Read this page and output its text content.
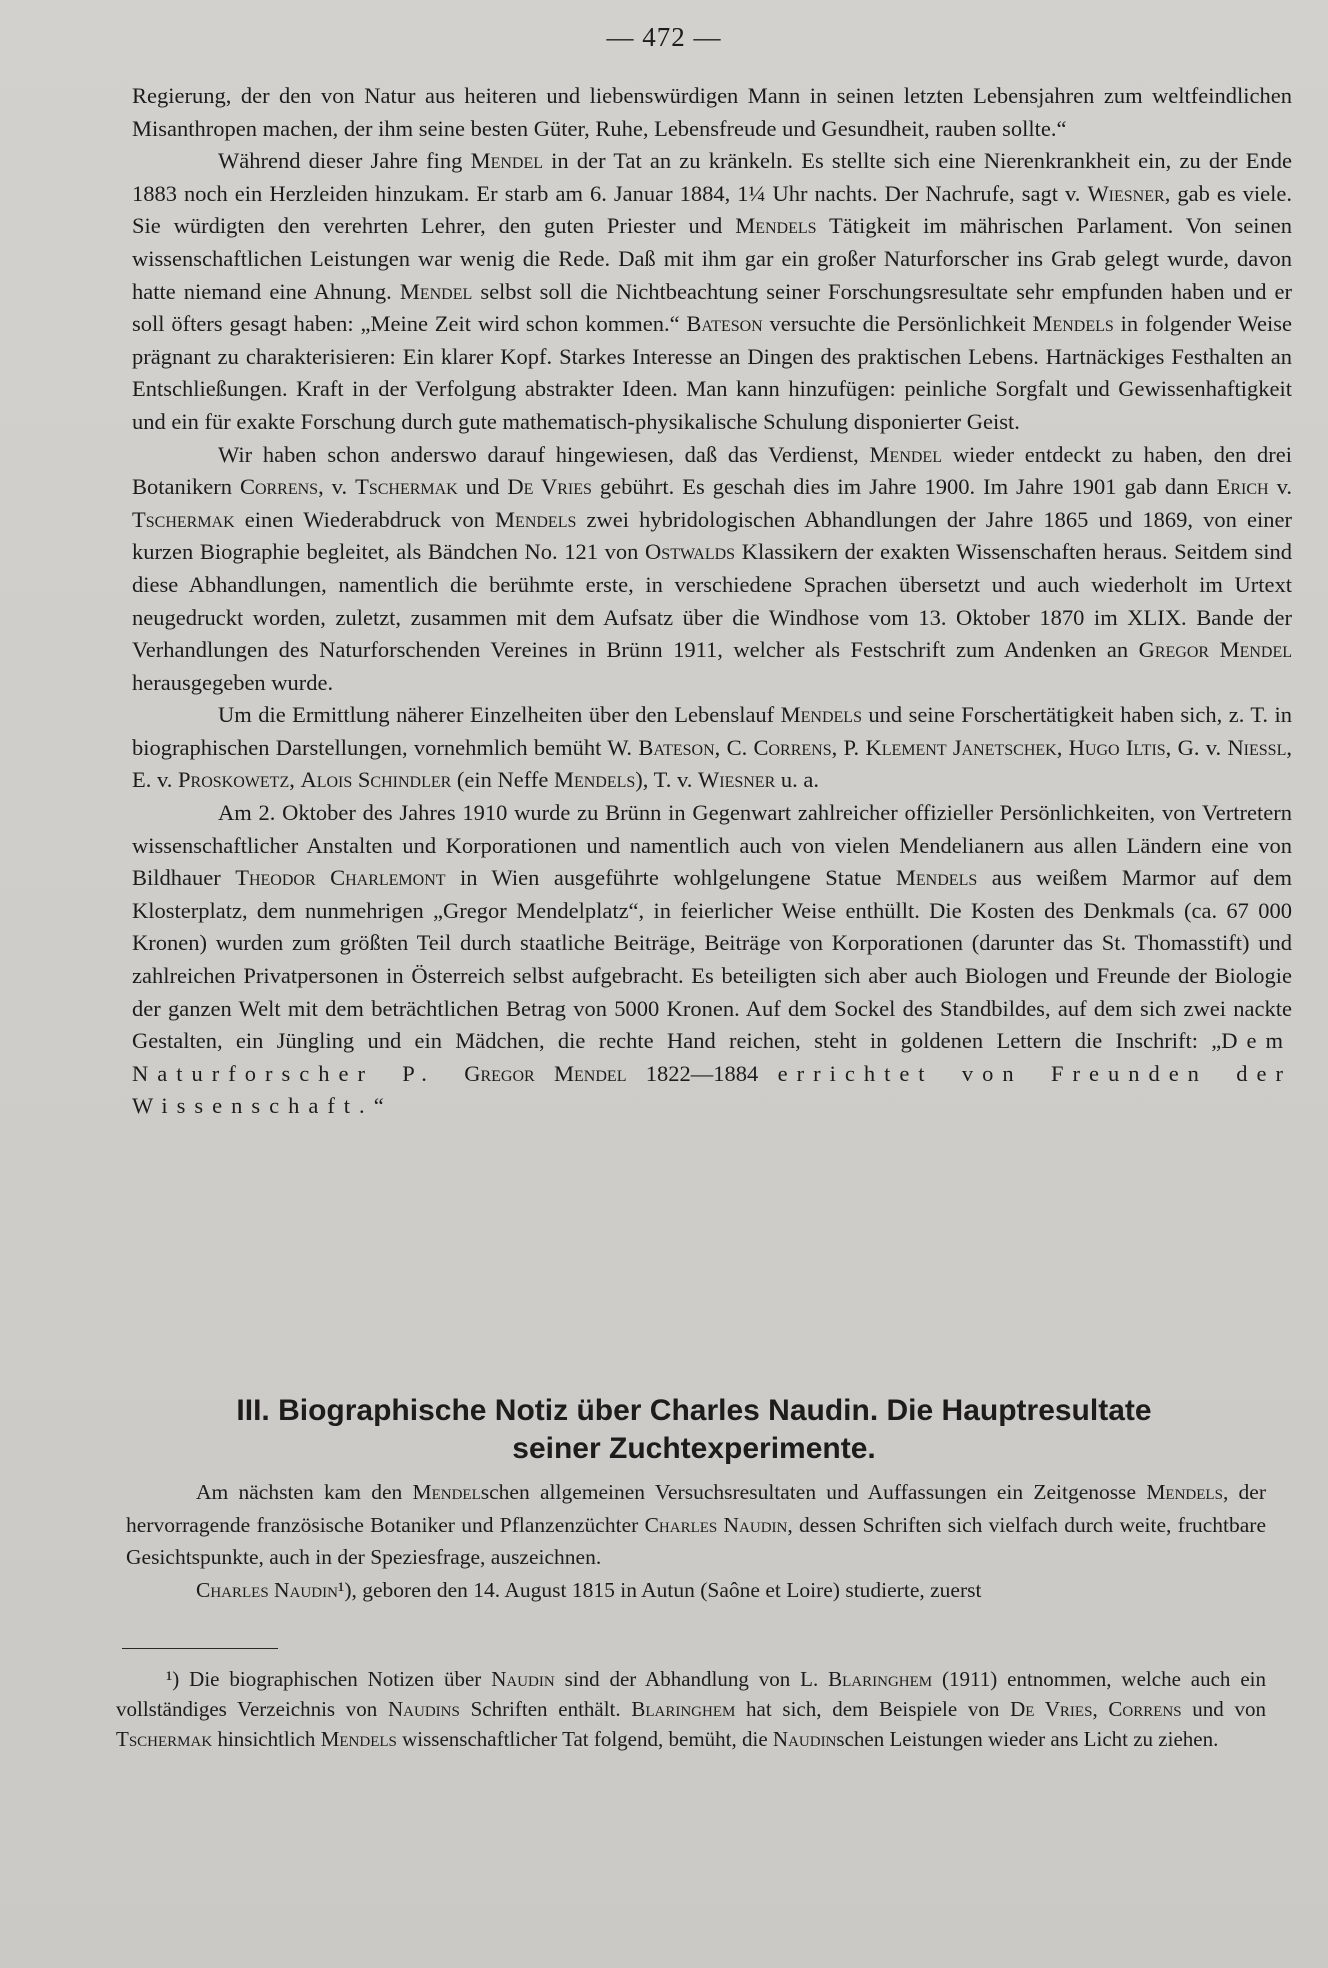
— 472 —

Regierung, der den von Natur aus heiteren und liebenswürdigen Mann in seinen letzten Lebensjahren zum weltfeindlichen Misanthropen machen, der ihm seine besten Güter, Ruhe, Lebensfreude und Gesundheit, rauben sollte.“

Während dieser Jahre fing Mendel in der Tat an zu kränkeln. Es stellte sich eine Nierenkrankheit ein, zu der Ende 1883 noch ein Herzleiden hinzukam. Er starb am 6. Januar 1884, 1¼ Uhr nachts. Der Nachrufe, sagt v. Wiesner, gab es viele. Sie würdigten den verehrten Lehrer, den guten Priester und Mendels Tätigkeit im mährischen Parlament. Von seinen wissenschaftlichen Leistungen war wenig die Rede. Daß mit ihm gar ein großer Naturforscher ins Grab gelegt wurde, davon hatte niemand eine Ahnung. Mendel selbst soll die Nichtbeachtung seiner Forschungsresultate sehr empfunden haben und er soll öfters gesagt haben: „Meine Zeit wird schon kommen.“ Bateson versuchte die Persönlichkeit Mendels in folgender Weise prägnant zu charakterisieren: Ein klarer Kopf. Starkes Interesse an Dingen des praktischen Lebens. Hartnäckiges Festhalten an Entschließungen. Kraft in der Verfolgung abstrakter Ideen. Man kann hinzufügen: peinliche Sorgfalt und Gewissenhaftigkeit und ein für exakte Forschung durch gute mathematisch-physikalische Schulung disponierter Geist.

Wir haben schon anderswo darauf hingewiesen, daß das Verdienst, Mendel wieder entdeckt zu haben, den drei Botanikern Correns, v. Tschermak und De Vries gebührt. Es geschah dies im Jahre 1900. Im Jahre 1901 gab dann Erich v. Tschermak einen Wiederabdruck von Mendels zwei hybridologischen Abhandlungen der Jahre 1865 und 1869, von einer kurzen Biographie begleitet, als Bändchen No. 121 von Ostwalds Klassikern der exakten Wissenschaften heraus. Seitdem sind diese Abhandlungen, namentlich die berühmte erste, in verschiedene Sprachen übersetzt und auch wiederholt im Urtext neugedruckt worden, zuletzt, zusammen mit dem Aufsatz über die Windhose vom 13. Oktober 1870 im XLIX. Bande der Verhandlungen des Naturforschenden Vereines in Brünn 1911, welcher als Festschrift zum Andenken an Gregor Mendel herausgegeben wurde.

Um die Ermittlung näherer Einzelheiten über den Lebenslauf Mendels und seine Forschertätigkeit haben sich, z. T. in biographischen Darstellungen, vornehmlich bemüht W. Bateson, C. Correns, P. Klement Janetschek, Hugo Iltis, G. v. Niessl, E. v. Proskowetz, Alois Schindler (ein Neffe Mendels), T. v. Wiesner u. a.

Am 2. Oktober des Jahres 1910 wurde zu Brünn in Gegenwart zahlreicher offizieller Persönlichkeiten, von Vertretern wissenschaftlicher Anstalten und Korporationen und namentlich auch von vielen Mendelianern aus allen Ländern eine von Bildhauer Theodor Charlemont in Wien ausgeführte wohlgelungene Statue Mendels aus weißem Marmor auf dem Klosterplatz, dem nunmehrigen „Gregor Mendelplatz“, in feierlicher Weise enthüllt. Die Kosten des Denkmals (ca. 67 000 Kronen) wurden zum größten Teil durch staatliche Beiträge, Beiträge von Korporationen (darunter das St. Thomasstift) und zahlreichen Privatpersonen in Österreich selbst aufgebracht. Es beteiligten sich aber auch Biologen und Freunde der Biologie der ganzen Welt mit dem beträchtlichen Betrag von 5000 Kronen. Auf dem Sockel des Standbildes, auf dem sich zwei nackte Gestalten, ein Jüngling und ein Mädchen, die rechte Hand reichen, steht in goldenen Lettern die Inschrift: „Dem Naturforscher P. Gregor Mendel 1822—1884 errichtet von Freunden der Wissenschaft.“

III. Biographische Notiz über Charles Naudin. Die Hauptresultate
seiner Zuchtexperimente.

Am nächsten kam den Mendelschen allgemeinen Versuchsresultaten und Auffassungen ein Zeitgenosse Mendels, der hervorragende französische Botaniker und Pflanzenzüchter Charles Naudin, dessen Schriften sich vielfach durch weite, fruchtbare Gesichtspunkte, auch in der Speziesfrage, auszeichnen.

Charles Naudin¹), geboren den 14. August 1815 in Autun (Saône et Loire) studierte, zuerst

¹) Die biographischen Notizen über Naudin sind der Abhandlung von L. Blaringhem (1911) entnommen, welche auch ein vollständiges Verzeichnis von Naudins Schriften enthält. Blaringhem hat sich, dem Beispiele von De Vries, Correns und von Tschermak hinsichtlich Mendels wissenschaftlicher Tat folgend, bemüht, die Naudinschen Leistungen wieder ans Licht zu ziehen.
